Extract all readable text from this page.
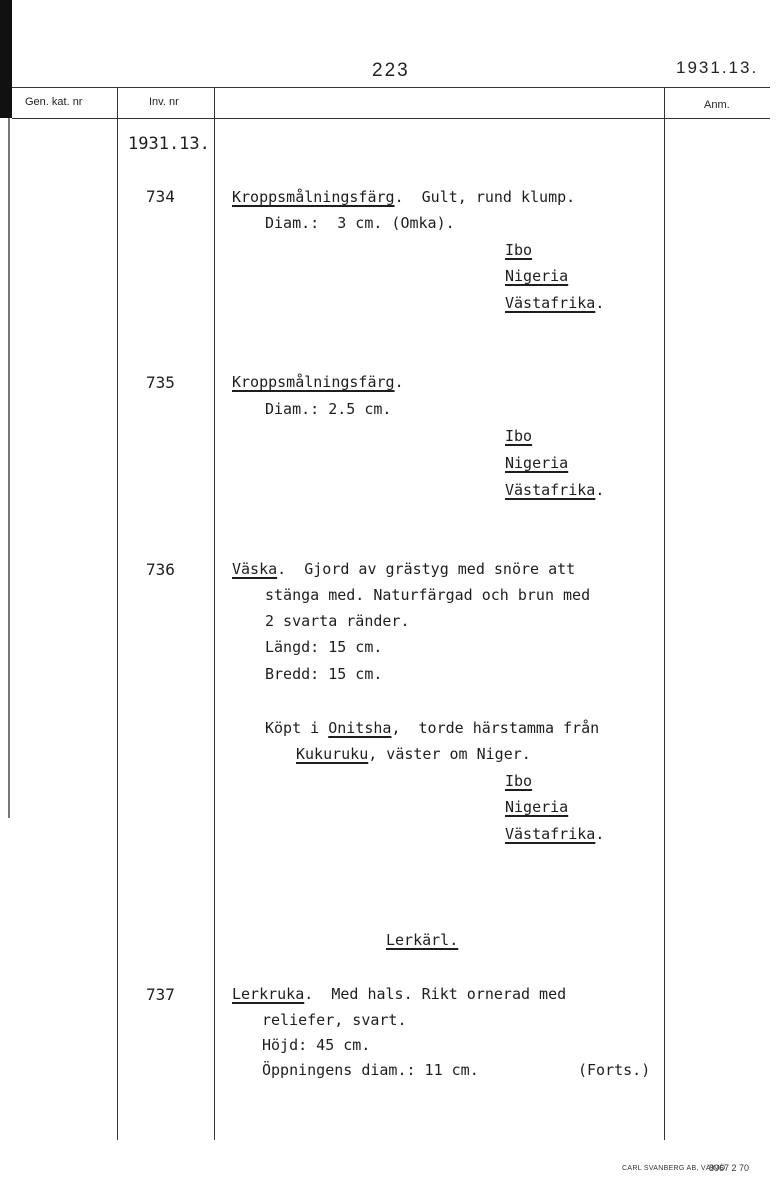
223	1931.13.
Gen. kat. nr	Inv. nr	Anm.
1931.13.
734	Kroppsmålningsfärg.  Gult, rund klump.
Diam.:  3 cm. (Omka).
Ibo
Nigeria
Västafrika.
735	Kroppsmålningsfärg.
Diam.: 2.5 cm.
Ibo
Nigeria
Västafrika.
736	Väska.  Gjord av grästyg med snöre att
stänga med. Naturfärgad och brun med
2 svarta ränder.
Längd: 15 cm.
Bredd: 15 cm.
Köpt i Onitsha,  torde härstamma från
Kukuruku, väster om Niger.
Ibo
Nigeria
Västafrika.
Lerkärl.
737	Lerkruka.  Med hals. Rikt ornerad med
reliefer, svart.
Höjd: 45 cm.
Öppningens diam.: 11 cm.	(Forts.)
CARL SVANBERG AB, VÄXJÖ
8967 2 70
